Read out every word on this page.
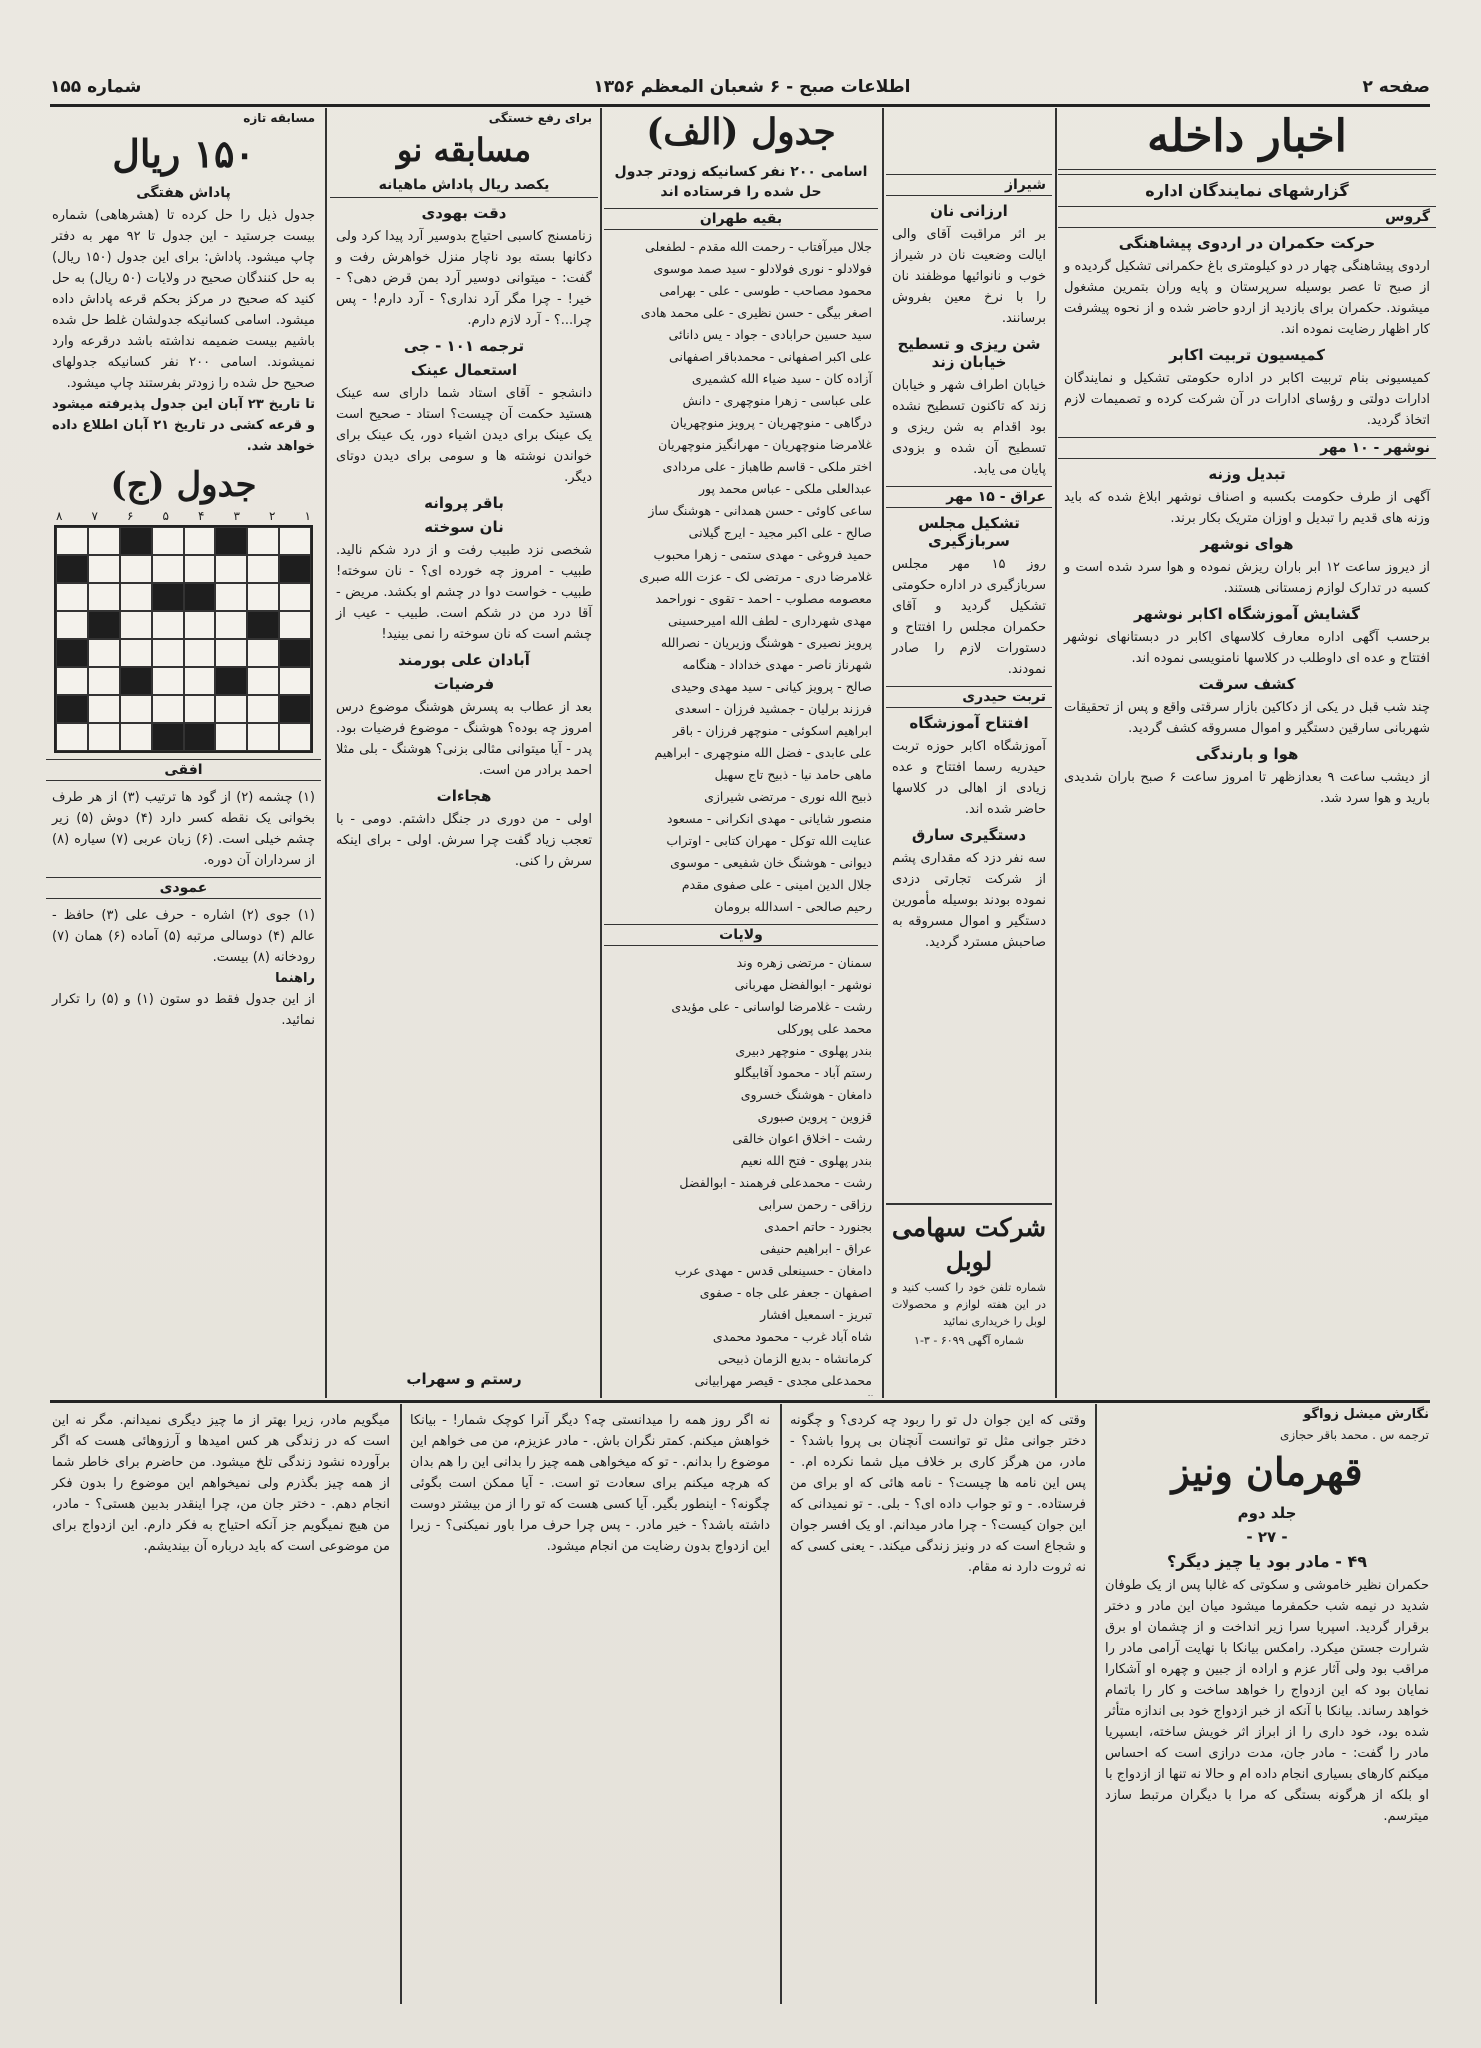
صفحه ۲
اطلاعات صبح - ۶ شعبان المعظم ۱۳۵۶
شماره ۱۵۵
اخبار داخله
گزارشهای نمایندگان اداره
گروس
حرکت حکمران در اردوی پیشاهنگی
اردوی پیشاهنگی چهار در دو کیلومتری باغ حکمرانی تشکیل گردیده و از صبح تا عصر بوسیله سرپرستان و پایه وران بتمرین مشغول میشوند. حکمران برای بازدید از اردو حاضر شده و از نحوه پیشرفت کار اظهار رضایت نموده اند.
کمیسیون تربیت اکابر
کمیسیونی بنام تربیت اکابر در اداره حکومتی تشکیل و نمایندگان ادارات دولتی و رؤسای ادارات در آن شرکت کرده و تصمیمات لازم اتخاذ گردید.
نوشهر - ۱۰ مهر
تبدیل وزنه
آگهی از طرف حکومت بکسبه و اصناف نوشهر ابلاغ شده که باید وزنه های قدیم را تبدیل و اوزان متریک بکار برند.
هوای نوشهر
از دیروز ساعت ۱۲ ابر باران ریزش نموده و هوا سرد شده است و کسبه در تدارک لوازم زمستانی هستند.
گشایش آموزشگاه اکابر نوشهر
برحسب آگهی اداره معارف کلاسهای اکابر در دبستانهای نوشهر افتتاح و عده ای داوطلب در کلاسها نامنویسی نموده اند.
کشف سرقت
چند شب قبل در یکی از دکاکین بازار سرقتی واقع و پس از تحقیقات شهربانی سارقین دستگیر و اموال مسروقه کشف گردید.
هوا و بارندگی
از دیشب ساعت ۹ بعدازظهر تا امروز ساعت ۶ صبح باران شدیدی بارید و هوا سرد شد.
شیراز
ارزانی نان
بر اثر مراقبت آقای والی ایالت وضعیت نان در شیراز خوب و نانوائیها موظفند نان را با نرخ معین بفروش برسانند.
شن ریزی و تسطیح خیابان زند
خیابان اطراف شهر و خیابان زند که تاکنون تسطیح نشده بود اقدام به شن ریزی و تسطیح آن شده و بزودی پایان می یابد.
عراق - ۱۵ مهر
تشکیل مجلس سربازگیری
روز ۱۵ مهر مجلس سربازگیری در اداره حکومتی تشکیل گردید و آقای حکمران مجلس را افتتاح و دستورات لازم را صادر نمودند.
تربت حیدری
افتتاح آموزشگاه
آموزشگاه اکابر حوزه تربت حیدریه رسما افتتاح و عده زیادی از اهالی در کلاسها حاضر شده اند.
دستگیری سارق
سه نفر دزد که مقداری پشم از شرکت تجارتی دزدی نموده بودند بوسیله مأمورین دستگیر و اموال مسروقه به صاحبش مسترد گردید.
شرکت سهامی لوبل
شماره تلفن خود را کسب کنید و در این هفته لوازم و محصولات لوبل را خریداری نمائید
شماره آگهی ۶۰۹۹ - ۳-۱
جدول (الف)
اسامی ۲۰۰ نفر کسانیکه زودتر جدول حل شده را فرستاده اند
بقیه طهران
جلال میرآفتاب - رحمت الله مقدم - لطفعلی
فولادلو - نوری فولادلو - سید صمد موسوی
محمود مصاحب - طوسی - علی - بهرامی
اصغر بیگی - حسن نظیری - علی محمد هادی
سید حسین حرابادی - جواد - یس دانائی
علی اکبر اصفهانی - محمدباقر اصفهانی
آزاده کان - سید ضیاء الله کشمیری
علی عباسی - زهرا منوچهری - دانش
درگاهی - منوچهریان - پرویز منوچهریان
غلامرضا منوچهریان - مهرانگیز منوچهریان
اختر ملکی - قاسم طاهباز - علی مردادی
عبدالعلی ملکی - عباس محمد پور
ساعی کاوئی - حسن همدانی - هوشنگ ساز
صالح - علی اکبر مجید - ایرج گیلانی
حمید فروغی - مهدی ستمی - زهرا محبوب
غلامرضا دری - مرتضی لک - عزت الله صبری
معصومه مصلوب - احمد - تقوی - نوراحمد
مهدی شهرداری - لطف الله امیرحسینی
پرویز نصیری - هوشنگ وزیریان - نصرالله
شهرناز ناصر - مهدی خداداد - هنگامه
صالح - پرویز کیانی - سید مهدی وحیدی
فرزند برلیان - جمشید فرزان - اسعدی
ابراهیم اسکوئی - منوچهر فرزان - باقر
علی عابدی - فضل الله منوچهری - ابراهیم
ماهی حامد نیا - ذبیح تاج سهیل
ذبیح الله نوری - مرتضی شیرازی
منصور شایانی - مهدی انکرانی - مسعود
عنایت الله توکل - مهران کتابی - اوتراب
دیوانی - هوشنگ خان شفیعی - موسوی
جلال الدین امینی - علی صفوی مقدم
رحیم صالحی - اسدالله برومان
ولایات
سمنان - مرتضی زهره وند
نوشهر - ابوالفضل مهربانی
رشت - غلامرضا لواسانی - علی مؤیدی
محمد علی پورکلی
بندر پهلوی - منوچهر دبیری
رستم آباد - محمود آقابیگلو
دامغان - هوشنگ خسروی
قزوین - پروین صبوری
رشت - اخلاق اعوان خالقی
بندر پهلوی - فتح الله نعیم
رشت - محمدعلی فرهمند - ابوالفضل
رزاقی - رحمن سرابی
بجنورد - حاتم احمدی
عراق - ابراهیم حنیفی
دامغان - حسینعلی قدس - مهدی عرب
اصفهان - جعفر علی جاه - صفوی
تبریز - اسمعیل افشار
شاه آباد غرب - محمود محمدی
کرمانشاه - بدیع الزمان ذبیحی
محمدعلی مجدی - قیصر مهرابیانی
برای رفع خستگی
مسابقه نو
یکصد ریال پاداش ماهیانه
دقت بهودی
زنامسنج کاسبی احتیاج بدوسیر آرد پیدا کرد ولی دکانها بسته بود ناچار منزل خواهرش رفت و گفت: - میتوانی دوسیر آرد بمن قرض دهی؟ - خیر! - چرا مگر آرد نداری؟ - آرد دارم! - پس چرا...؟ - آرد لازم دارم.
ترجمه ۱۰۱ - جی
استعمال عینک
دانشجو - آقای استاد شما دارای سه عینک هستید حکمت آن چیست؟ استاد - صحیح است یک عینک برای دیدن اشیاء دور، یک عینک برای خواندن نوشته ها و سومی برای دیدن دوتای دیگر.
باقر پروانه
نان سوخته
شخصی نزد طبیب رفت و از درد شکم نالید. طبیب - امروز چه خورده ای؟ - نان سوخته! طبیب - خواست دوا در چشم او بکشد. مریض - آقا درد من در شکم است. طبیب - عیب از چشم است که نان سوخته را نمی بینید!
آبادان علی بورمند
فرضیات
بعد از عطاب به پسرش هوشنگ موضوع درس امروز چه بوده؟ هوشنگ - موضوع فرضیات بود. پدر - آیا میتوانی مثالی بزنی؟ هوشنگ - بلی مثلا احمد برادر من است.
هجاءات
اولی - من دوری در جنگل داشتم. دومی - با تعجب زیاد گفت چرا سرش. اولی - برای اینکه سرش را کنی.
رستم و سهراب
مسابقه تازه
۱۵۰ ریال
پاداش هفتگی
جدول ذیل را حل کرده تا (هشرهاهی) شماره بیست جرستید - این جدول تا ۹۲ مهر به دفتر چاپ میشود. پاداش: برای این جدول (۱۵۰ ریال) به حل کنندگان صحیح در ولایات (۵۰ ریال) به حل کنید که صحیح در مرکز بحکم قرعه پاداش داده میشود. اسامی کسانیکه جدولشان غلط حل شده باشیم بیست ضمیمه نداشته باشد درقرعه وارد نمیشوند. اسامی ۲۰۰ نفر کسانیکه جدولهای صحیح حل شده را زودتر بفرستند چاپ میشود.
تا تاریخ ۲۳ آبان این جدول پذیرفته میشود و قرعه کشی در تاریخ ۲۱ آبان اطلاع داده خواهد شد.
جدول (ج)
۸ ۷ ۶ ۵ ۴ ۳ ۲ ۱
افقی
(۱) چشمه (۲) از گود ها ترتیب (۳) از هر طرف بخوانی یک نقطه کسر دارد (۴) دوش (۵) زیر چشم خیلی است. (۶) زبان عربی (۷) سیاره (۸) از سرداران آن دوره.
عمودی
(۱) جوی (۲) اشاره - حرف علی (۳) حافظ - عالم (۴) دوسالی مرتبه (۵) آماده (۶) همان (۷) رودخانه (۸) بیست.
راهنما
از این جدول فقط دو ستون (۱) و (۵) را تکرار نمائید.
نگارش میشل زواگو
ترجمه س . محمد باقر حجازی
قهرمان ونیز
جلد دوم
- ۲۷ -
۴۹ - مادر بود یا چیز دیگر؟
حکمران نظیر خاموشی و سکوتی که غالبا پس از یک طوفان شدید در نیمه شب حکمفرما میشود میان این مادر و دختر برقرار گردید. اسپریا سرا زیر انداخت و از چشمان او برق شرارت جستن میکرد. رامکس بیانکا با نهایت آرامی مادر را مراقب بود ولی آثار عزم و اراده از جبین و چهره او آشکارا نمایان بود که این ازدواج را خواهد ساخت و کار را باتمام خواهد رساند. بیانکا با آنکه از خبر ازدواج خود بی اندازه متأثر شده بود، خود داری را از ابراز اثر خویش ساخته، ابسپریا مادر را گفت: - مادر جان، مدت درازی است که احساس میکنم کارهای بسیاری انجام داده ام و حالا نه تنها از ازدواج با او بلکه از هرگونه بستگی که مرا با دیگران مرتبط سازد میترسم.
وقتی که این جوان دل تو را ربود چه کردی؟ و چگونه دختر جوانی مثل تو توانست آنچنان بی پروا باشد؟ - مادر، من هرگز کاری بر خلاف میل شما نکرده ام. - پس این نامه ها چیست؟ - نامه هائی که او برای من فرستاده. - و تو جواب داده ای؟ - بلی. - تو نمیدانی که این جوان کیست؟ - چرا مادر میدانم. او یک افسر جوان و شجاع است که در ونیز زندگی میکند. - یعنی کسی که نه ثروت دارد نه مقام.
نه اگر روز همه را میدانستی چه؟ دیگر آنرا کوچک شمار! - بیانکا خواهش میکنم. کمتر نگران باش. - مادر عزیزم، من می خواهم این موضوع را بدانم. - تو که میخواهی همه چیز را بدانی این را هم بدان که هرچه میکنم برای سعادت تو است. - آیا ممکن است بگوئی چگونه؟ - اینطور بگیر. آیا کسی هست که تو را از من بیشتر دوست داشته باشد؟ - خیر مادر. - پس چرا حرف مرا باور نمیکنی؟ - زیرا این ازدواج بدون رضایت من انجام میشود.
میگویم مادر، زیرا بهتر از ما چیز دیگری نمیدانم. مگر نه این است که در زندگی هر کس امیدها و آرزوهائی هست که اگر برآورده نشود زندگی تلخ میشود. من حاضرم برای خاطر شما از همه چیز بگذرم ولی نمیخواهم این موضوع را بدون فکر انجام دهم. - دختر جان من، چرا اینقدر بدبین هستی؟ - مادر، من هیچ نمیگویم جز آنکه احتیاج به فکر دارم. این ازدواج برای من موضوعی است که باید درباره آن بیندیشم.
